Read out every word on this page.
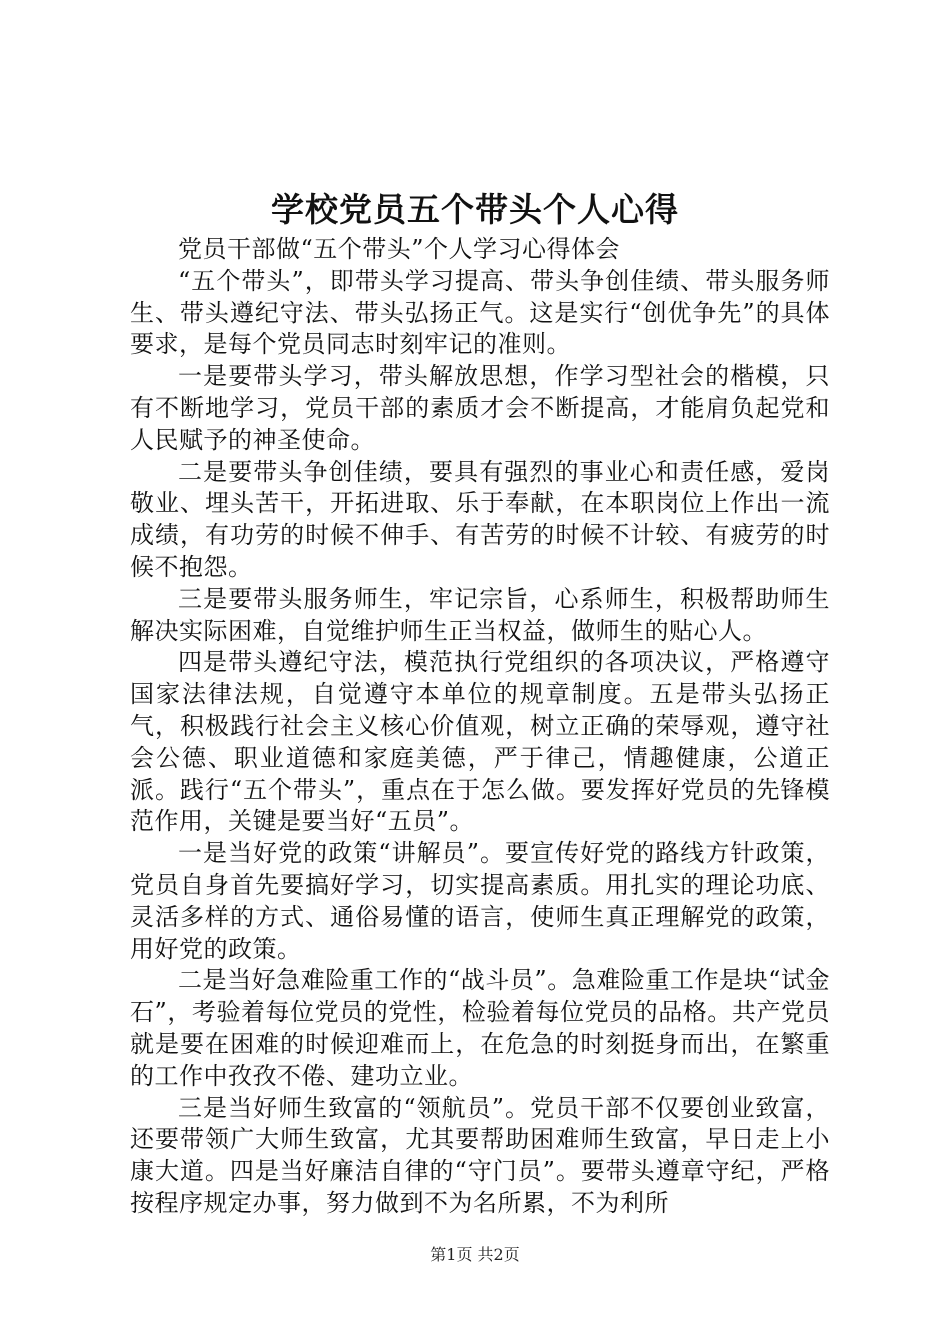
学校党员五个带头个人心得

党员干部做“五个带头”个人学习心得体会

“五个带头”，即带头学习提高、带头争创佳绩、带头服务师生、带头遵纪守法、带头弘扬正气。这是实行“创优争先”的具体要求，是每个党员同志时刻牢记的准则。

一是要带头学习，带头解放思想，作学习型社会的楷模，只有不断地学习，党员干部的素质才会不断提高，才能肩负起党和人民赋予的神圣使命。

二是要带头争创佳绩，要具有强烈的事业心和责任感，爱岗敬业、埋头苦干，开拓进取、乐于奉献，在本职岗位上作出一流成绩，有功劳的时候不伸手、有苦劳的时候不计较、有疲劳的时候不抱怨。

三是要带头服务师生，牢记宗旨，心系师生，积极帮助师生解决实际困难，自觉维护师生正当权益，做师生的贴心人。

四是带头遵纪守法，模范执行党组织的各项决议，严格遵守国家法律法规，自觉遵守本单位的规章制度。五是带头弘扬正气，积极践行社会主义核心价值观，树立正确的荣辱观，遵守社会公德、职业道德和家庭美德，严于律己，情趣健康，公道正派。践行“五个带头”，重点在于怎么做。要发挥好党员的先锋模范作用，关键是要当好“五员”。

一是当好党的政策“讲解员”。要宣传好党的路线方针政策，党员自身首先要搞好学习，切实提高素质。用扎实的理论功底、灵活多样的方式、通俗易懂的语言，使师生真正理解党的政策，用好党的政策。

二是当好急难险重工作的“战斗员”。急难险重工作是块“试金石”，考验着每位党员的党性，检验着每位党员的品格。共产党员就是要在困难的时候迎难而上，在危急的时刻挺身而出，在繁重的工作中孜孜不倦、建功立业。

三是当好师生致富的“领航员”。党员干部不仅要创业致富，还要带领广大师生致富，尤其要帮助困难师生致富，早日走上小康大道。四是当好廉洁自律的“守门员”。要带头遵章守纪，严格按程序规定办事，努力做到不为名所累，不为利所

第1页 共2页
